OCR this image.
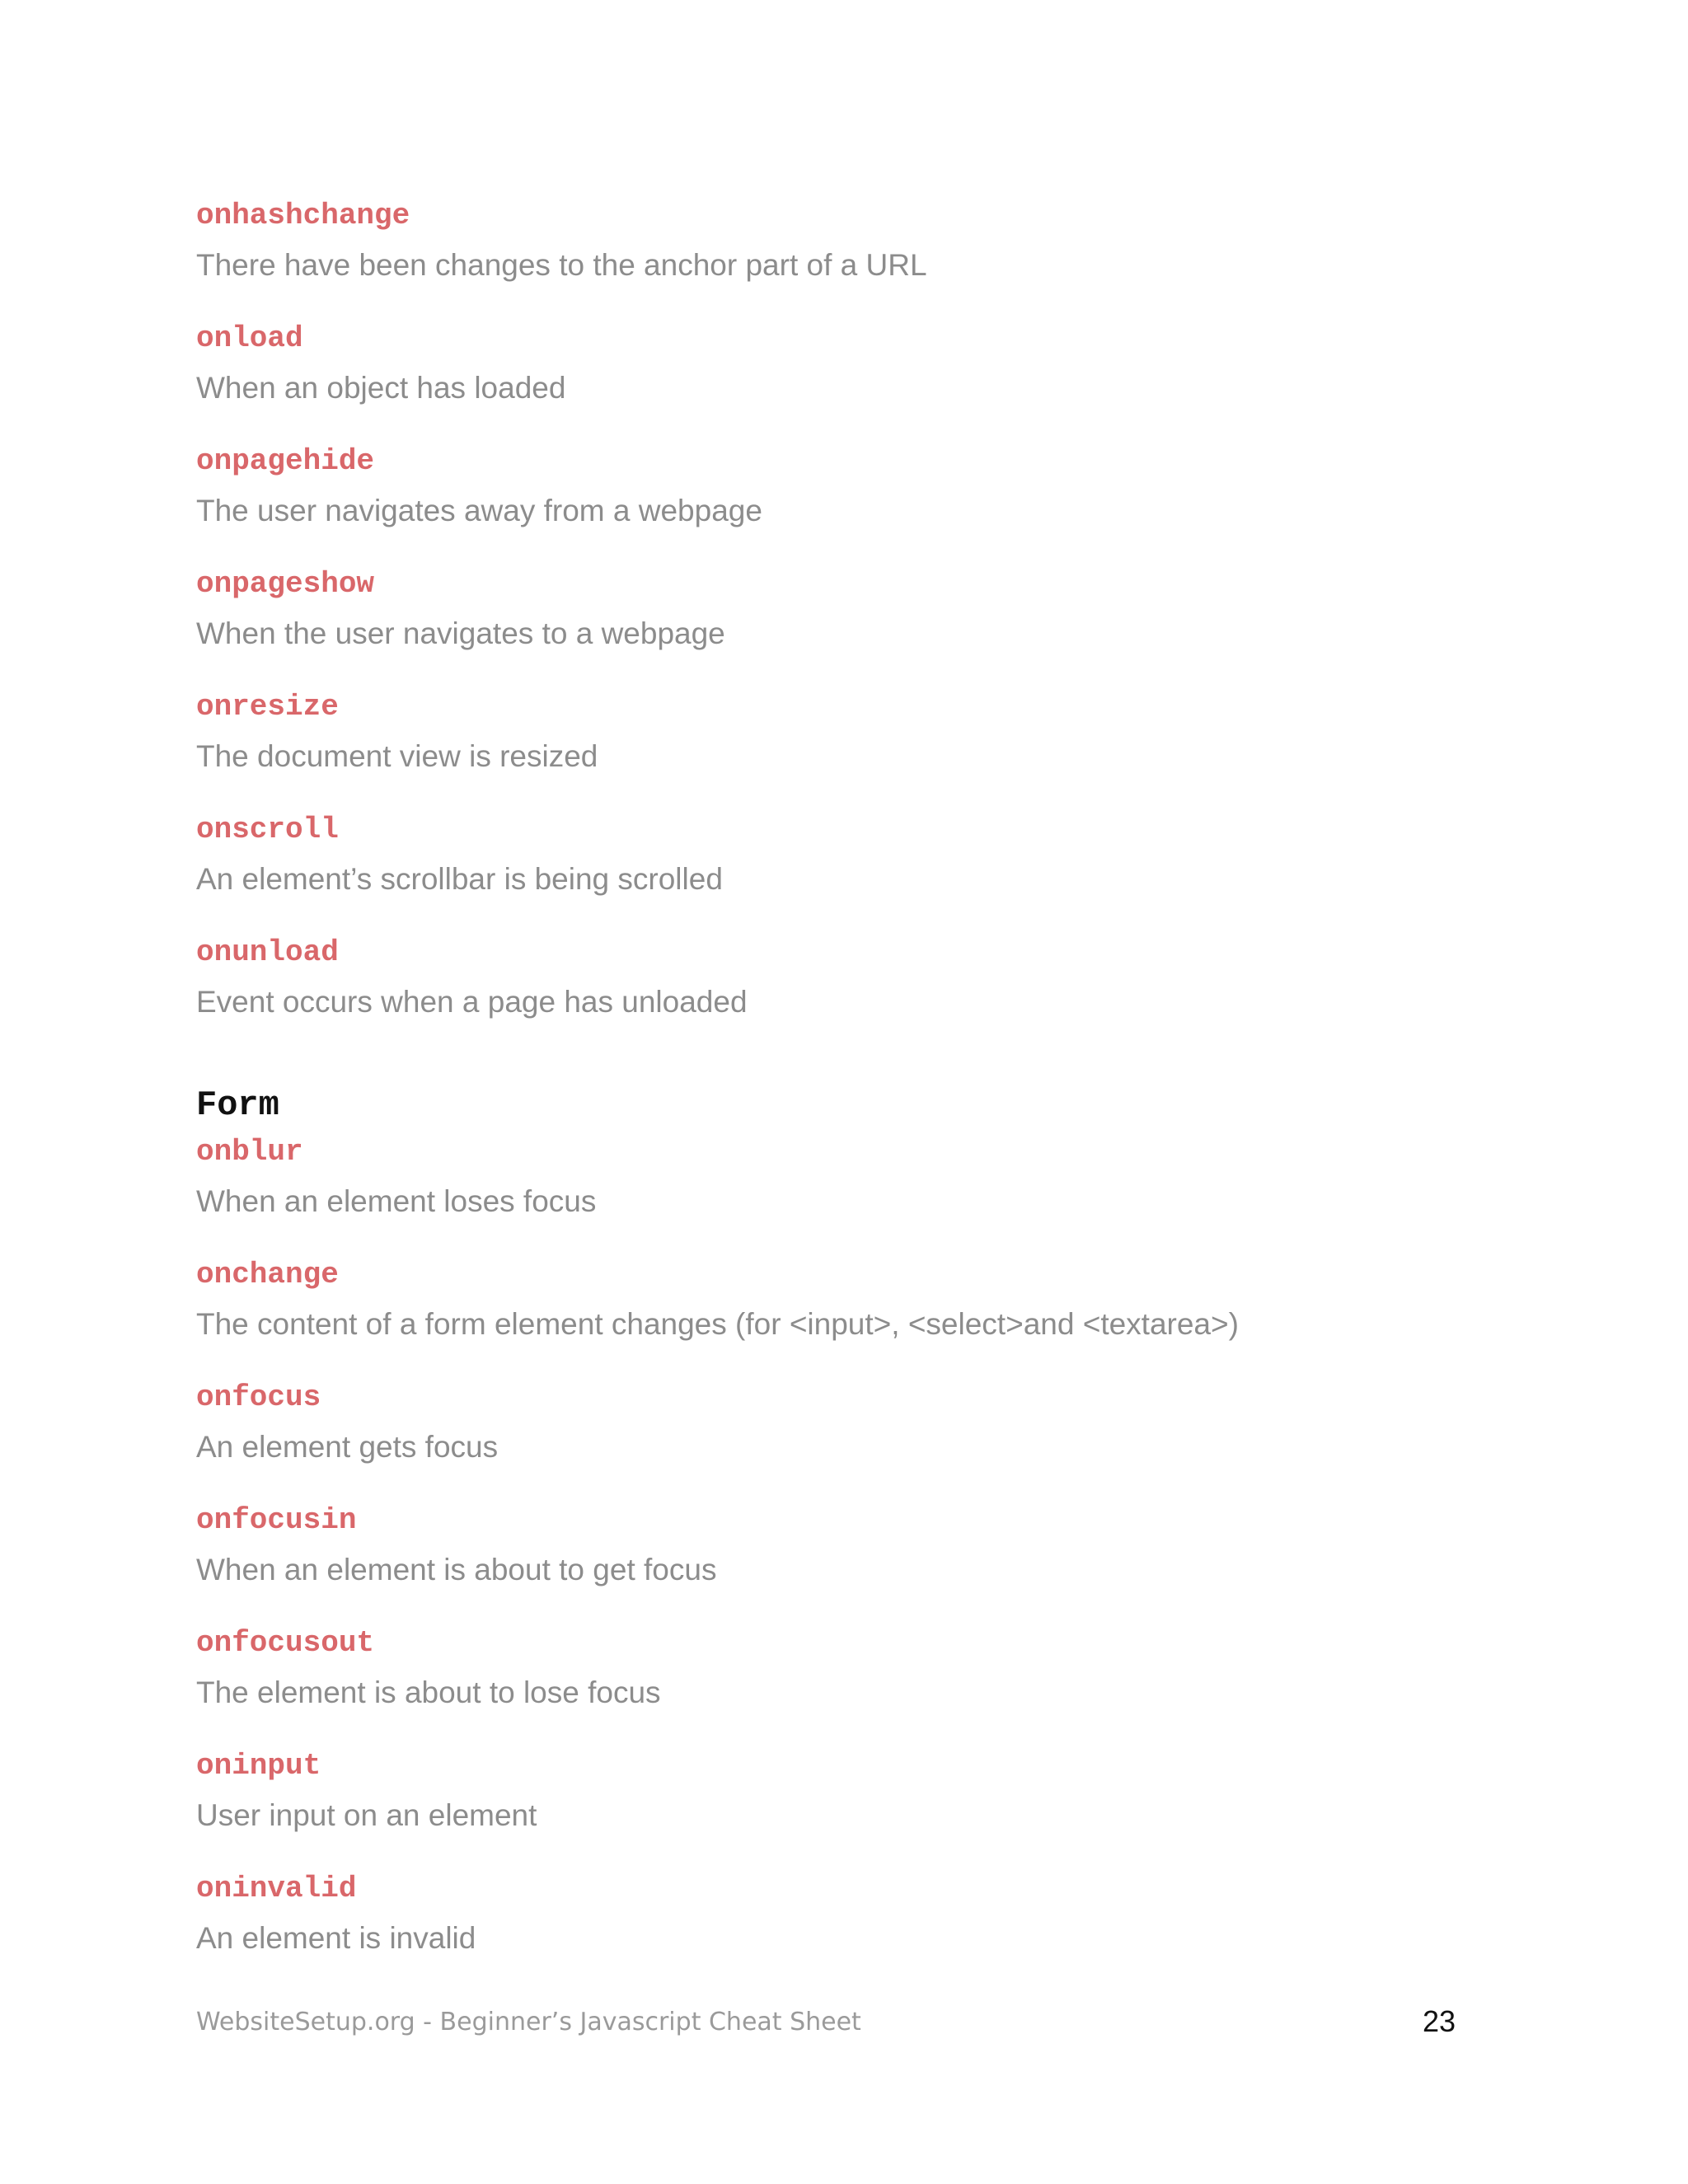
onhashchange
There have been changes to the anchor part of a URL
onload
When an object has loaded
onpagehide
The user navigates away from a webpage
onpageshow
When the user navigates to a webpage
onresize
The document view is resized
onscroll
An element’s scrollbar is being scrolled
onunload
Event occurs when a page has unloaded
Form
onblur
When an element loses focus
onchange
The content of a form element changes (for <input>, <select>and <textarea>)
onfocus
An element gets focus
onfocusin
When an element is about to get focus
onfocusout
The element is about to lose focus
oninput
User input on an element
oninvalid
An element is invalid
WebsiteSetup.org - Beginner’s Javascript Cheat Sheet	23
